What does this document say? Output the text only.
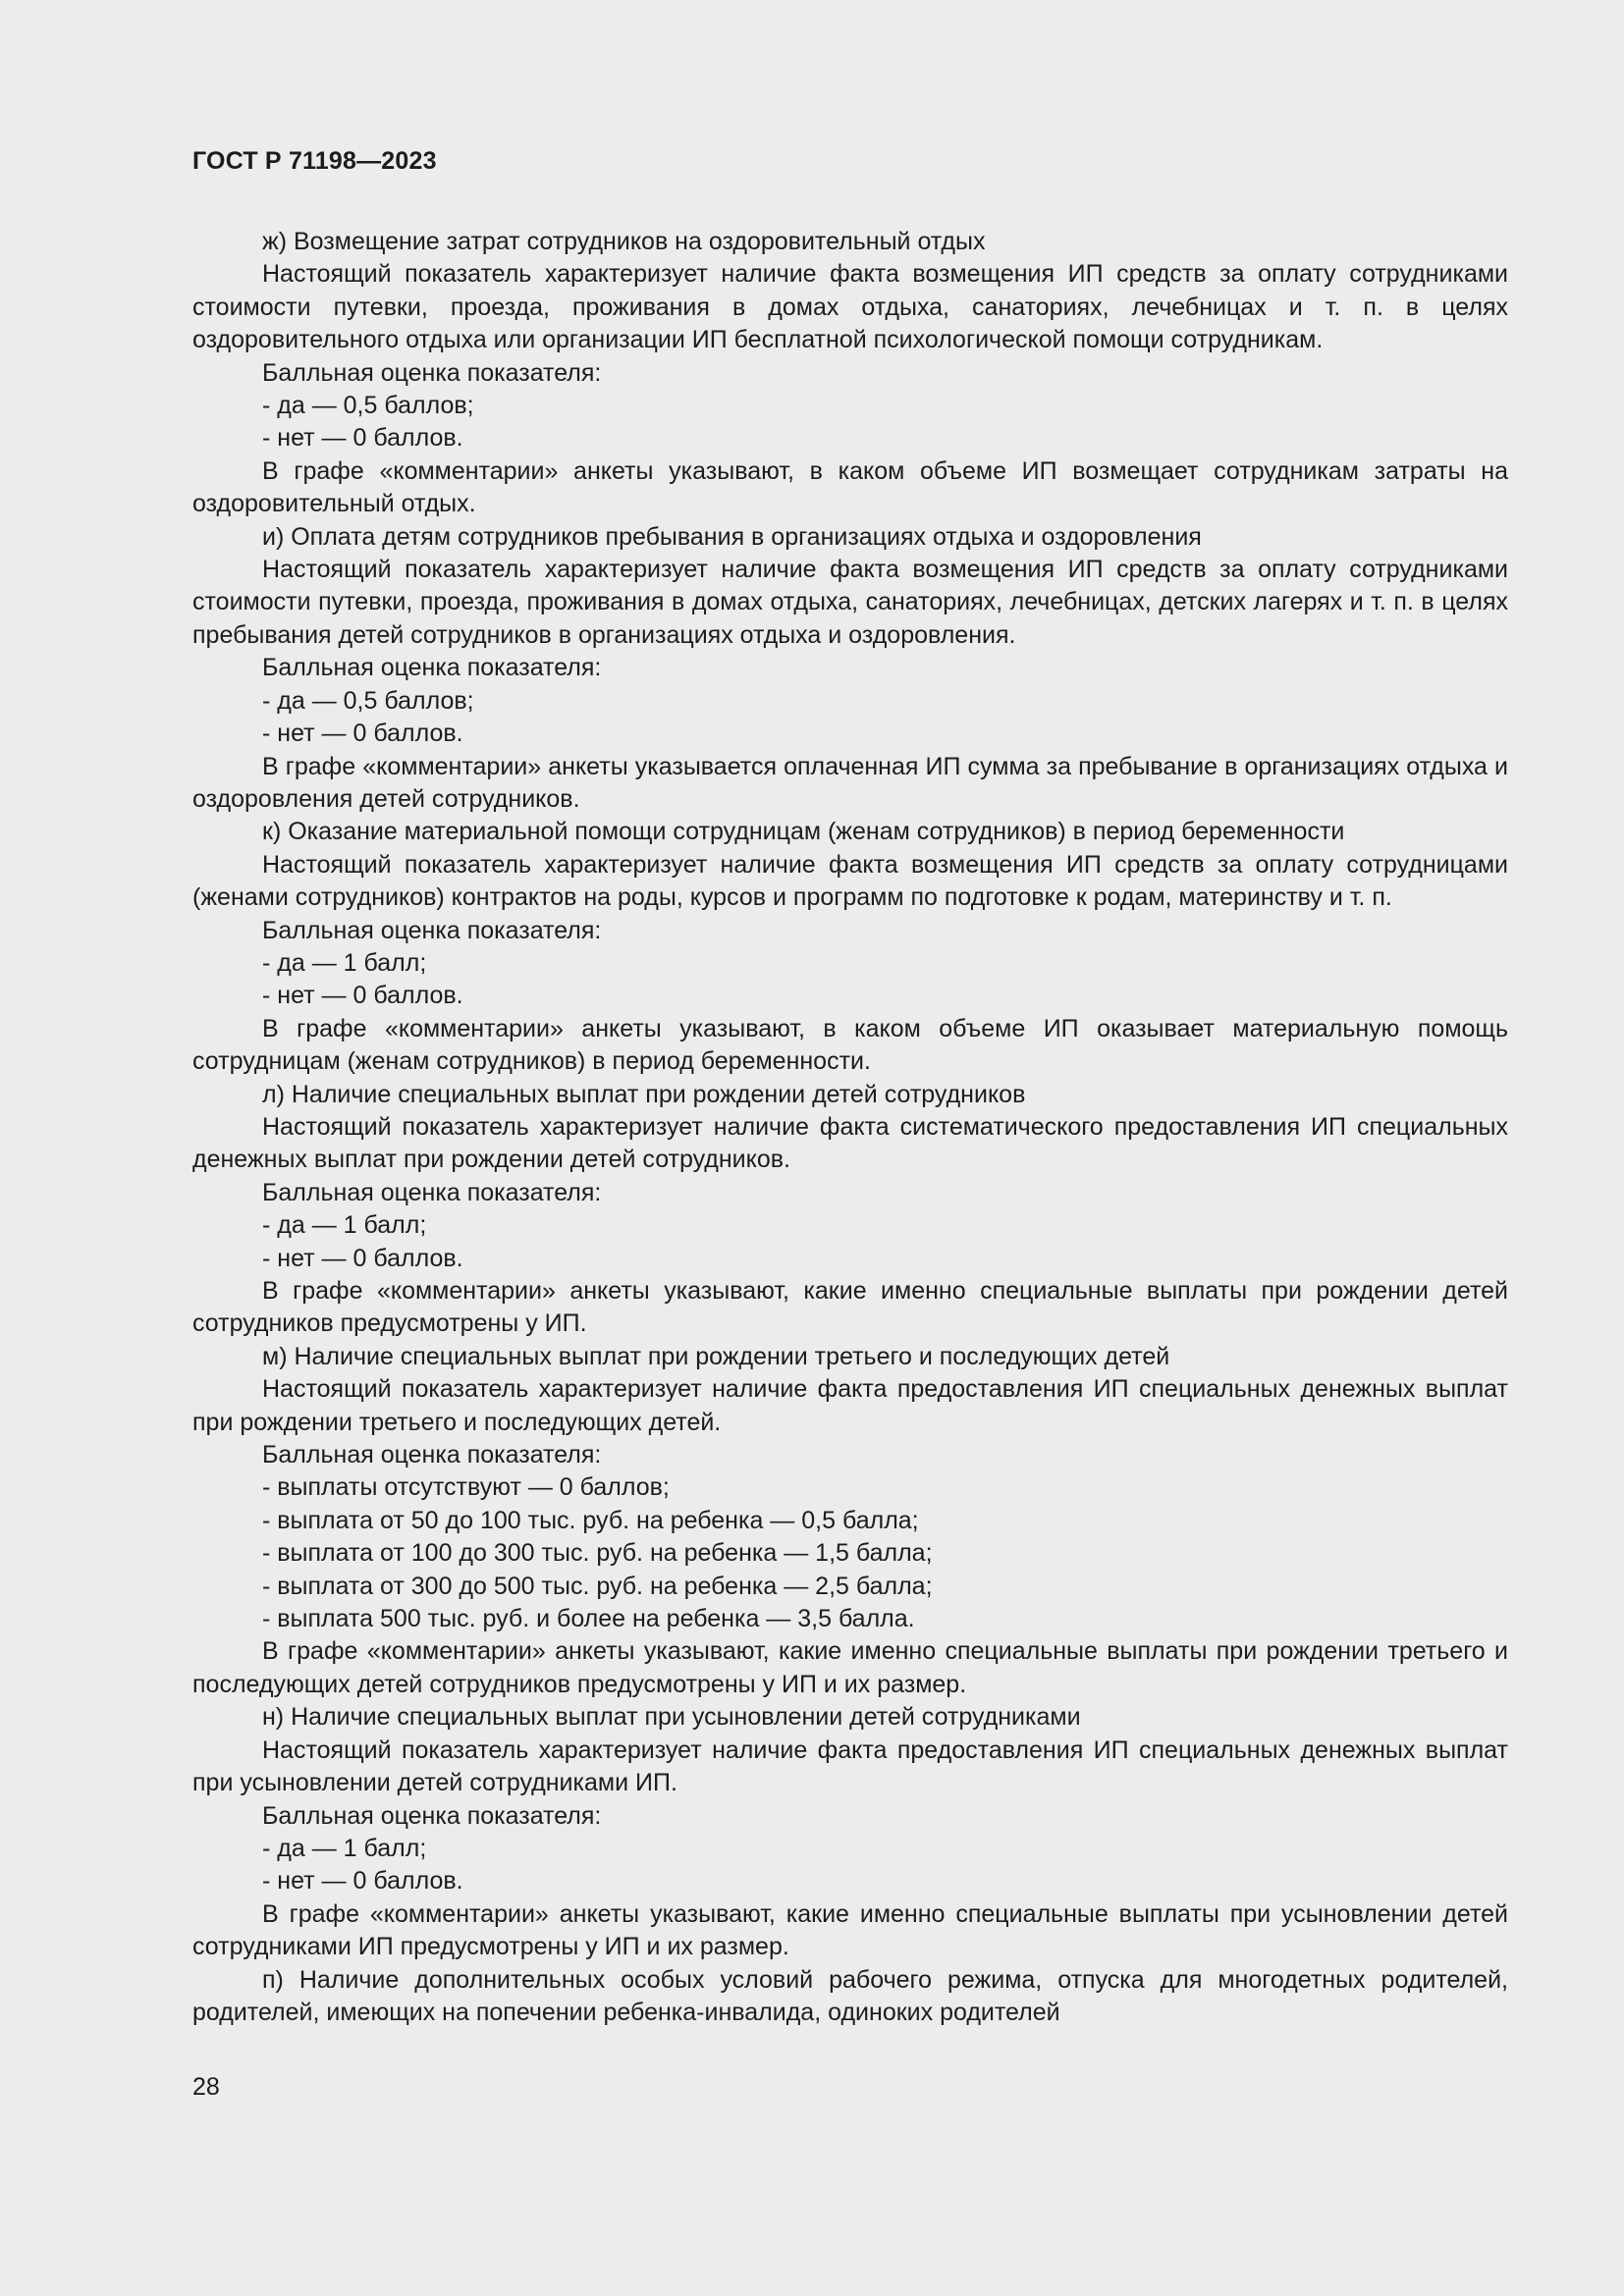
ГОСТ Р 71198—2023

ж) Возмещение затрат сотрудников на оздоровительный отдых

Настоящий показатель характеризует наличие факта возмещения ИП средств за оплату сотрудниками стоимости путевки, проезда, проживания в домах отдыха, санаториях, лечебницах и т. п. в целях оздоровительного отдыха или организации ИП бесплатной психологической помощи сотрудникам.

Балльная оценка показателя:

- да — 0,5 баллов;

- нет — 0 баллов.

В графе «комментарии» анкеты указывают, в каком объеме ИП возмещает сотрудникам затраты на оздоровительный отдых.

и) Оплата детям сотрудников пребывания в организациях отдыха и оздоровления

Настоящий показатель характеризует наличие факта возмещения ИП средств за оплату сотрудниками стоимости путевки, проезда, проживания в домах отдыха, санаториях, лечебницах, детских лагерях и т. п. в целях пребывания детей сотрудников в организациях отдыха и оздоровления.

Балльная оценка показателя:

- да — 0,5 баллов;

- нет — 0 баллов.

В графе «комментарии» анкеты указывается оплаченная ИП сумма за пребывание в организациях отдыха и оздоровления детей сотрудников.

к) Оказание материальной помощи сотрудницам (женам сотрудников) в период беременности

Настоящий показатель характеризует наличие факта возмещения ИП средств за оплату сотрудницами (женами сотрудников) контрактов на роды, курсов и программ по подготовке к родам, материнству и т. п.

Балльная оценка показателя:

- да — 1 балл;

- нет — 0 баллов.

В графе «комментарии» анкеты указывают, в каком объеме ИП оказывает материальную помощь сотрудницам (женам сотрудников) в период беременности.

л) Наличие специальных выплат при рождении детей сотрудников

Настоящий показатель характеризует наличие факта систематического предоставления ИП специальных денежных выплат при рождении детей сотрудников.

Балльная оценка показателя:

- да — 1 балл;

- нет — 0 баллов.

В графе «комментарии» анкеты указывают, какие именно специальные выплаты при рождении детей сотрудников предусмотрены у ИП.

м) Наличие специальных выплат при рождении третьего и последующих детей

Настоящий показатель характеризует наличие факта предоставления ИП специальных денежных выплат при рождении третьего и последующих детей.

Балльная оценка показателя:

- выплаты отсутствуют — 0 баллов;

- выплата от 50 до 100 тыс. руб. на ребенка — 0,5 балла;

- выплата от 100 до 300 тыс. руб. на ребенка — 1,5 балла;

- выплата от 300 до 500 тыс. руб. на ребенка — 2,5 балла;

- выплата 500 тыс. руб. и более на ребенка — 3,5 балла.

В графе «комментарии» анкеты указывают, какие именно специальные выплаты при рождении третьего и последующих детей сотрудников предусмотрены у ИП и их размер.

н) Наличие специальных выплат при усыновлении детей сотрудниками

Настоящий показатель характеризует наличие факта предоставления ИП специальных денежных выплат при усыновлении детей сотрудниками ИП.

Балльная оценка показателя:

- да — 1 балл;

- нет — 0 баллов.

В графе «комментарии» анкеты указывают, какие именно специальные выплаты при усыновлении детей сотрудниками ИП предусмотрены у ИП и их размер.

п) Наличие дополнительных особых условий рабочего режима, отпуска для многодетных родителей, родителей, имеющих на попечении ребенка-инвалида, одиноких родителей

28
